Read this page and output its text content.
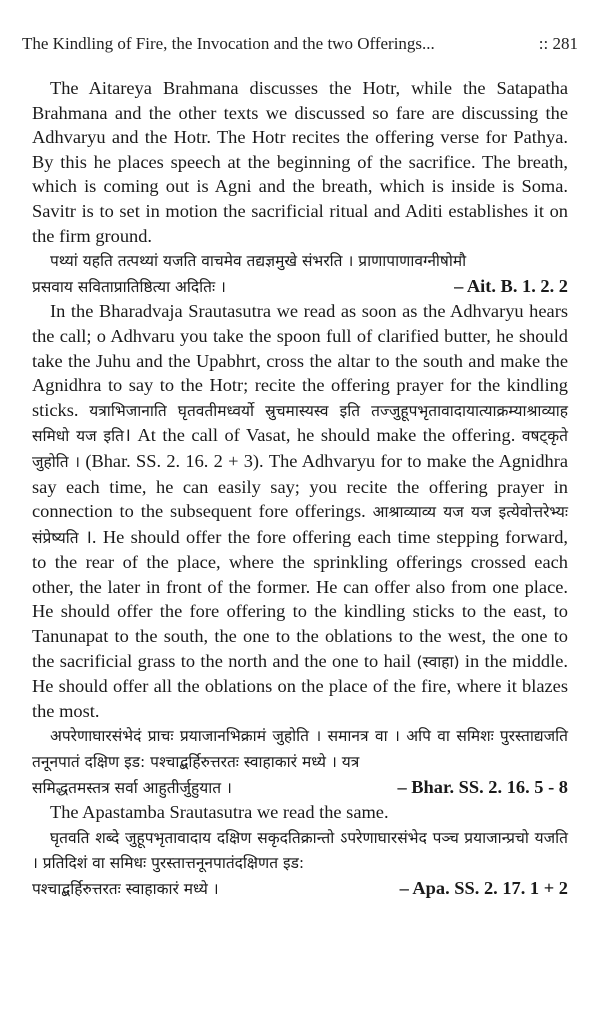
The Kindling of Fire, the Invocation and the two Offerings...	:: 281

The Aitareya Brahmana discusses the Hotr, while the Satapatha Brahmana and the other texts we discussed so fare are discussing the Adhvaryu and the Hotr. The Hotr recites the offering verse for Pathya. By this he places speech at the beginning of the sacrifice. The breath, which is coming out is Agni and the breath, which is inside is Soma. Savitr is to set in motion the sacrificial ritual and Aditi establishes it on the firm ground.

पथ्यां यहति तत्पथ्यां यजति वाचमेव तद्यज्ञमुखे संभरति । प्राणापाणावग्नीषोमौ

प्रसवाय सविताप्रातिष्ठित्या अदितिः ।	– Ait. B. 1. 2. 2

In the Bharadvaja Srautasutra we read as soon as the Adhvaryu hears the call; o Adhvaru you take the spoon full of clarified butter, he should take the Juhu and the Upabhrt, cross the altar to the south and make the Agnidhra to say to the Hotr; recite the offering prayer for the kindling sticks. यत्राभिजानाति घृतवतीमध्वर्यो स्रुचमास्यस्व इति तज्जुहूपभृतावादायात्याक्रम्याश्राव्याह समिधो यज इति। At the call of Vasat, he should make the offering. वषट्कृते जुहोति । (Bhar. SS. 2. 16. 2 + 3). The Adhvaryu for to make the Agnidhra say each time, he can easily say; you recite the offering prayer in connection to the subsequent fore offerings. आश्राव्याव्य यज यज इत्येवोत्तरेभ्यः संप्रेष्यति ।. He should offer the fore offering each time stepping forward, to the rear of the place, where the sprinkling offerings crossed each other, the later in front of the former. He can offer also from one place. He should offer the fore offering to the kindling sticks to the east, to Tanunapat to the south, the one to the oblations to the west, the one to the sacrificial grass to the north and the one to hail (स्वाहा) in the middle. He should offer all the oblations on the place of the fire, where it blazes the most.

अपरेणाघारसंभेदं प्राचः प्रयाजानभिक्रामं जुहोति । समानत्र वा । अपि वा समिशः पुरस्ताद्यजति तनूनपातं दक्षिण इड: पश्चाद्बर्हिरुत्तरतः स्वाहाकारं मध्ये । यत्र

समिद्धतमस्तत्र सर्वा आहुतीर्जुहुयात ।	– Bhar. SS. 2. 16. 5 - 8

The Apastamba Srautasutra we read the same.

घृतवति शब्दे जुहूपभृतावादाय दक्षिण सकृदतिक्रान्तो ऽपरेणाघारसंभेद पञ्च प्रयाजान्प्रचो यजति । प्रतिदिशं वा समिधः पुरस्तात्तनूनपातंदक्षिणत इड:

पश्चाद्बर्हिरुत्तरतः स्वाहाकारं मध्ये ।	– Apa. SS. 2. 17. 1 + 2
